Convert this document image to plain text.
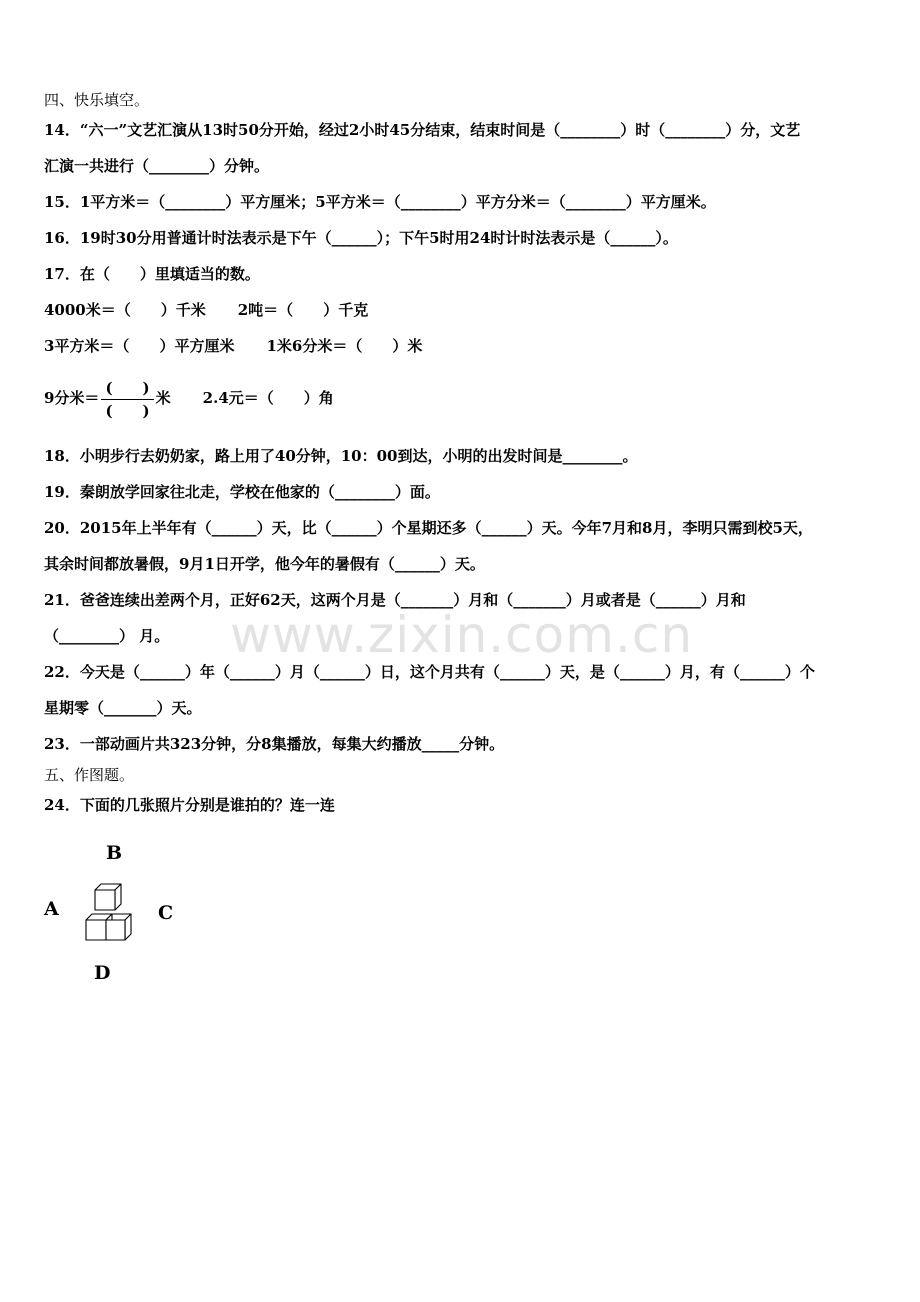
www.zixin.com.cn
四、快乐填空。
14．“六一”文艺汇演从13时50分开始，经过2小时45分结束，结束时间是（________）时（________）分，文艺
汇演一共进行（________）分钟。
15．1平方米＝（________）平方厘米；5平方米＝（________）平方分米＝（________）平方厘米。
16．19时30分用普通计时法表示是下午（______）；下午5时用24时计时法表示是（______）。
17．在（　　）里填适当的数。
4000米＝（　　）千米 2吨＝（　　）千克
3平方米＝（　　）平方厘米 1米6分米＝（　　）米
9分米＝ $\frac{( )}{( )}$ 米 2.4元＝（　　）角
18．小明步行去奶奶家，路上用了40分钟，10：00到达，小明的出发时间是________。
19．秦朗放学回家往北走，学校在他家的（________）面。
20．2015年上半年有（______）天，比（______）个星期还多（______）天。今年7月和8月，李明只需到校5天，
其余时间都放暑假，9月1日开学，他今年的暑假有（______）天。
21．爸爸连续出差两个月，正好62天，这两个月是（_______）月和（_______）月或者是（______）月和
（________） 月。
22．今天是（______）年（______）月（______）日，这个月共有（______）天，是（______）月，有（______）个
星期零（_______）天。
23．一部动画片共323分钟，分8集播放，每集大约播放_____分钟。
五、作图题。
24．下面的几张照片分别是谁拍的？连一连
B
A	C
D
